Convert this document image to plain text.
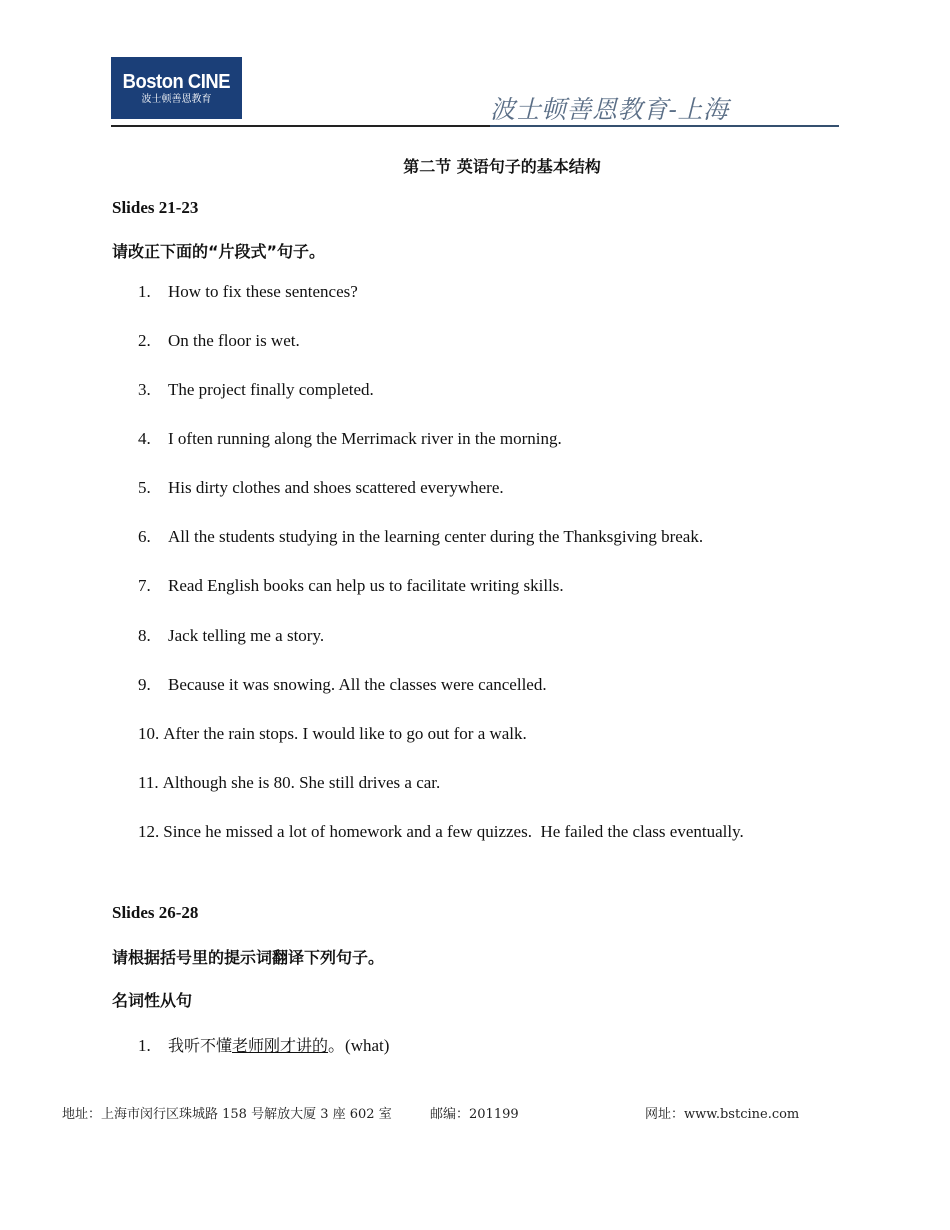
Boston CINE
波士顿善恩教育	波士顿善恩教育-上海
第二节 英语句子的基本结构
Slides 21-23
请改正下面的“片段式”句子。
1. How to fix these sentences?
2. On the floor is wet.
3. The project finally completed.
4. I often running along the Merrimack river in the morning.
5. His dirty clothes and shoes scattered everywhere.
6. All the students studying in the learning center during the Thanksgiving break.
7. Read English books can help us to facilitate writing skills.
8. Jack telling me a story.
9. Because it was snowing. All the classes were cancelled.
10. After the rain stops. I would like to go out for a walk.
11. Although she is 80. She still drives a car.
12. Since he missed a lot of homework and a few quizzes.  He failed the class eventually.
Slides 26-28
请根据括号里的提示词翻译下列句子。
名词性从句
1. 我听不懂老师刚才讲的。(what)
地址：上海市闵行区珠城路 158 号解放大厦 3 座 602 室	邮编：201199	网址：www.bstcine.com
